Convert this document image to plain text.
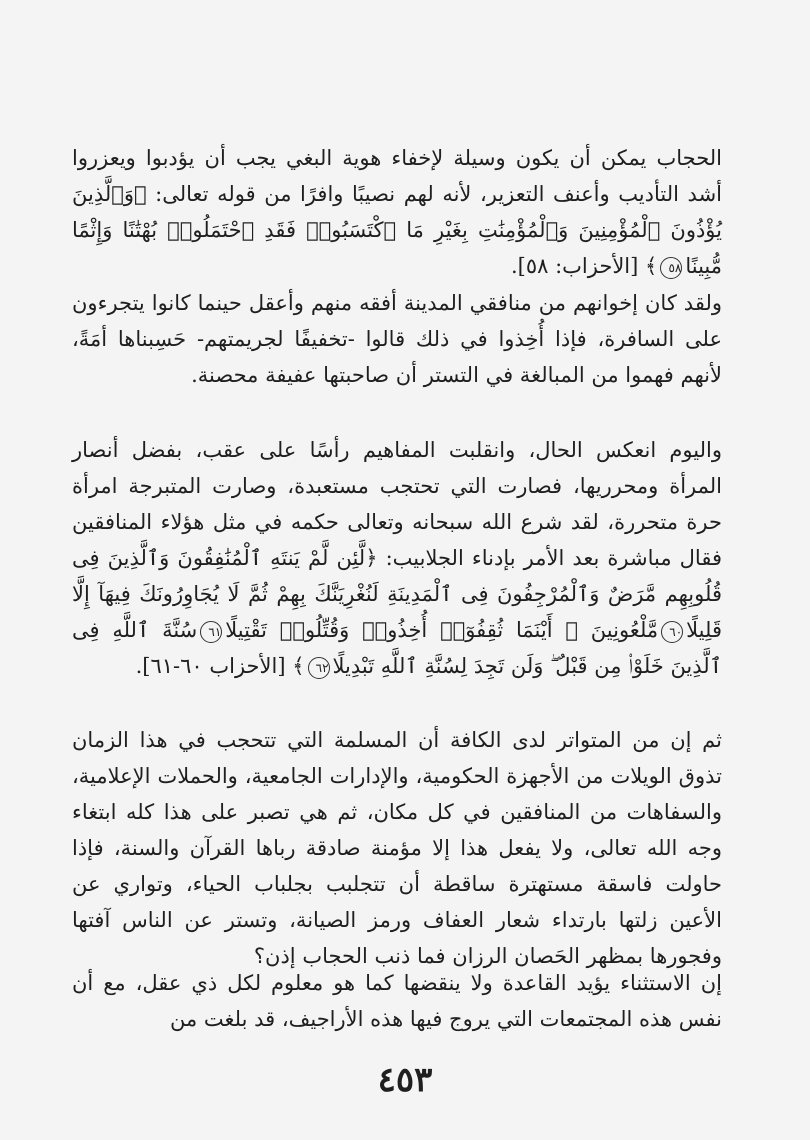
الحجاب يمكن أن يكون وسيلة لإخفاء هوية البغي يجب أن يؤدبوا ويعزروا أشد التأديب وأعنف التعزير، لأنه لهم نصيبًا وافرًا من قوله تعالى: ﴿وَٱلَّذِينَ يُؤْذُونَ ٱلْمُؤْمِنِينَ وَٱلْمُؤْمِنَٰتِ بِغَيْرِ مَا ٱكْتَسَبُوا۟ فَقَدِ ٱحْتَمَلُوا۟ بُهْتَٰنًا وَإِثْمًا مُّبِينًا٥٨﴾ [الأحزاب: ٥٨].

ولقد كان إخوانهم من منافقي المدينة أفقه منهم وأعقل حينما كانوا يتجرءون على السافرة، فإذا أُخِذوا في ذلك قالوا -تخفيفًا لجريمتهم- حَسِبناها أمَةً، لأنهم فهموا من المبالغة في التستر أن صاحبتها عفيفة محصنة.

واليوم انعكس الحال، وانقلبت المفاهيم رأسًا على عقب، بفضل أنصار المرأة ومحرريها، فصارت التي تحتجب مستعبدة، وصارت المتبرجة امرأة حرة متحررة، لقد شرع الله سبحانه وتعالى حكمه في مثل هؤلاء المنافقين فقال مباشرة بعد الأمر بإدناء الجلابيب: ﴿لَّئِن لَّمْ يَنتَهِ ٱلْمُنَٰفِقُونَ وَٱلَّذِينَ فِى قُلُوبِهِم مَّرَضٌ وَٱلْمُرْجِفُونَ فِى ٱلْمَدِينَةِ لَنُغْرِيَنَّكَ بِهِمْ ثُمَّ لَا يُجَاوِرُونَكَ فِيهَآ إِلَّا قَلِيلًا٦٠مَّلْعُونِينَ ۖ أَيْنَمَا ثُقِفُوٓا۟ أُخِذُوا۟ وَقُتِّلُوا۟ تَقْتِيلًا٦١سُنَّةَ ٱللَّهِ فِى ٱلَّذِينَ خَلَوْا۟ مِن قَبْلُ ۖ وَلَن تَجِدَ لِسُنَّةِ ٱللَّهِ تَبْدِيلًا٦٢﴾ [الأحزاب ٦٠-٦١].

ثم إن من المتواتر لدى الكافة أن المسلمة التي تتحجب في هذا الزمان تذوق الويلات من الأجهزة الحكومية، والإدارات الجامعية، والحملات الإعلامية، والسفاهات من المنافقين في كل مكان، ثم هي تصبر على هذا كله ابتغاء وجه الله تعالى، ولا يفعل هذا إلا مؤمنة صادقة رباها القرآن والسنة، فإذا حاولت فاسقة مستهترة ساقطة أن تتجلبب بجلباب الحياء، وتواري عن الأعين زلتها بارتداء شعار العفاف ورمز الصيانة، وتستر عن الناس آفتها وفجورها بمظهر الحَصان الرزان فما ذنب الحجاب إذن؟

إن الاستثناء يؤيد القاعدة ولا ينقضها كما هو معلوم لكل ذي عقل، مع أن نفس هذه المجتمعات التي يروج فيها هذه الأراجيف، قد بلغت من

٤٥٣
